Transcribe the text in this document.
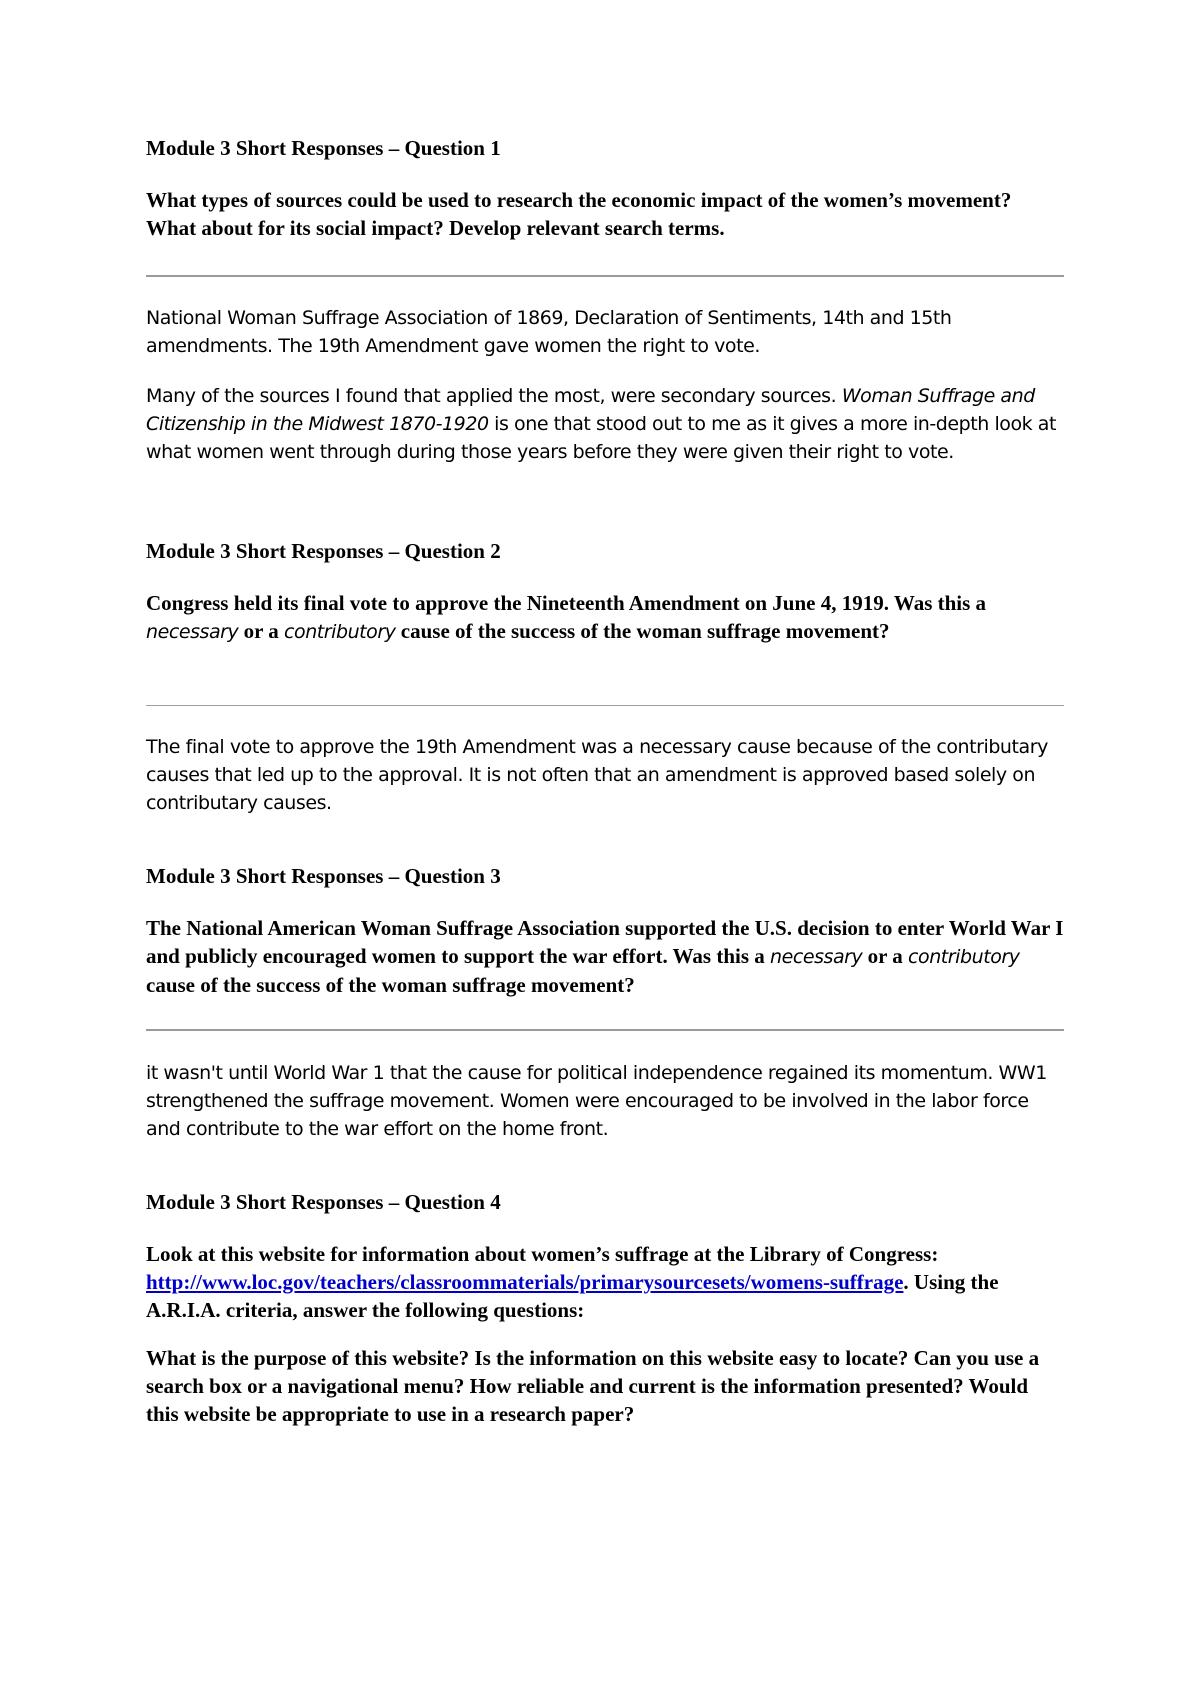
Module 3 Short Responses – Question 1

What types of sources could be used to research the economic impact of the women’s movement? What about for its social impact? Develop relevant search terms.

National Woman Suffrage Association of 1869, Declaration of Sentiments, 14th and 15th amendments. The 19th Amendment gave women the right to vote.

Many of the sources I found that applied the most, were secondary sources. Woman Suffrage and Citizenship in the Midwest 1870-1920 is one that stood out to me as it gives a more in-depth look at what women went through during those years before they were given their right to vote.

Module 3 Short Responses – Question 2

Congress held its final vote to approve the Nineteenth Amendment on June 4, 1919. Was this a necessary or a contributory cause of the success of the woman suffrage movement?

The final vote to approve the 19th Amendment was a necessary cause because of the contributary causes that led up to the approval. It is not often that an amendment is approved based solely on contributary causes.

Module 3 Short Responses – Question 3

The National American Woman Suffrage Association supported the U.S. decision to enter World War I and publicly encouraged women to support the war effort. Was this a necessary or a contributory cause of the success of the woman suffrage movement?

it wasn't until World War 1 that the cause for political independence regained its momentum. WW1 strengthened the suffrage movement. Women were encouraged to be involved in the labor force and contribute to the war effort on the home front.

Module 3 Short Responses – Question 4

Look at this website for information about women’s suffrage at the Library of Congress: http://www.loc.gov/teachers/classroommaterials/primarysourcesets/womens-suffrage. Using the A.R.I.A. criteria, answer the following questions:

What is the purpose of this website? Is the information on this website easy to locate? Can you use a search box or a navigational menu? How reliable and current is the information presented? Would this website be appropriate to use in a research paper?
